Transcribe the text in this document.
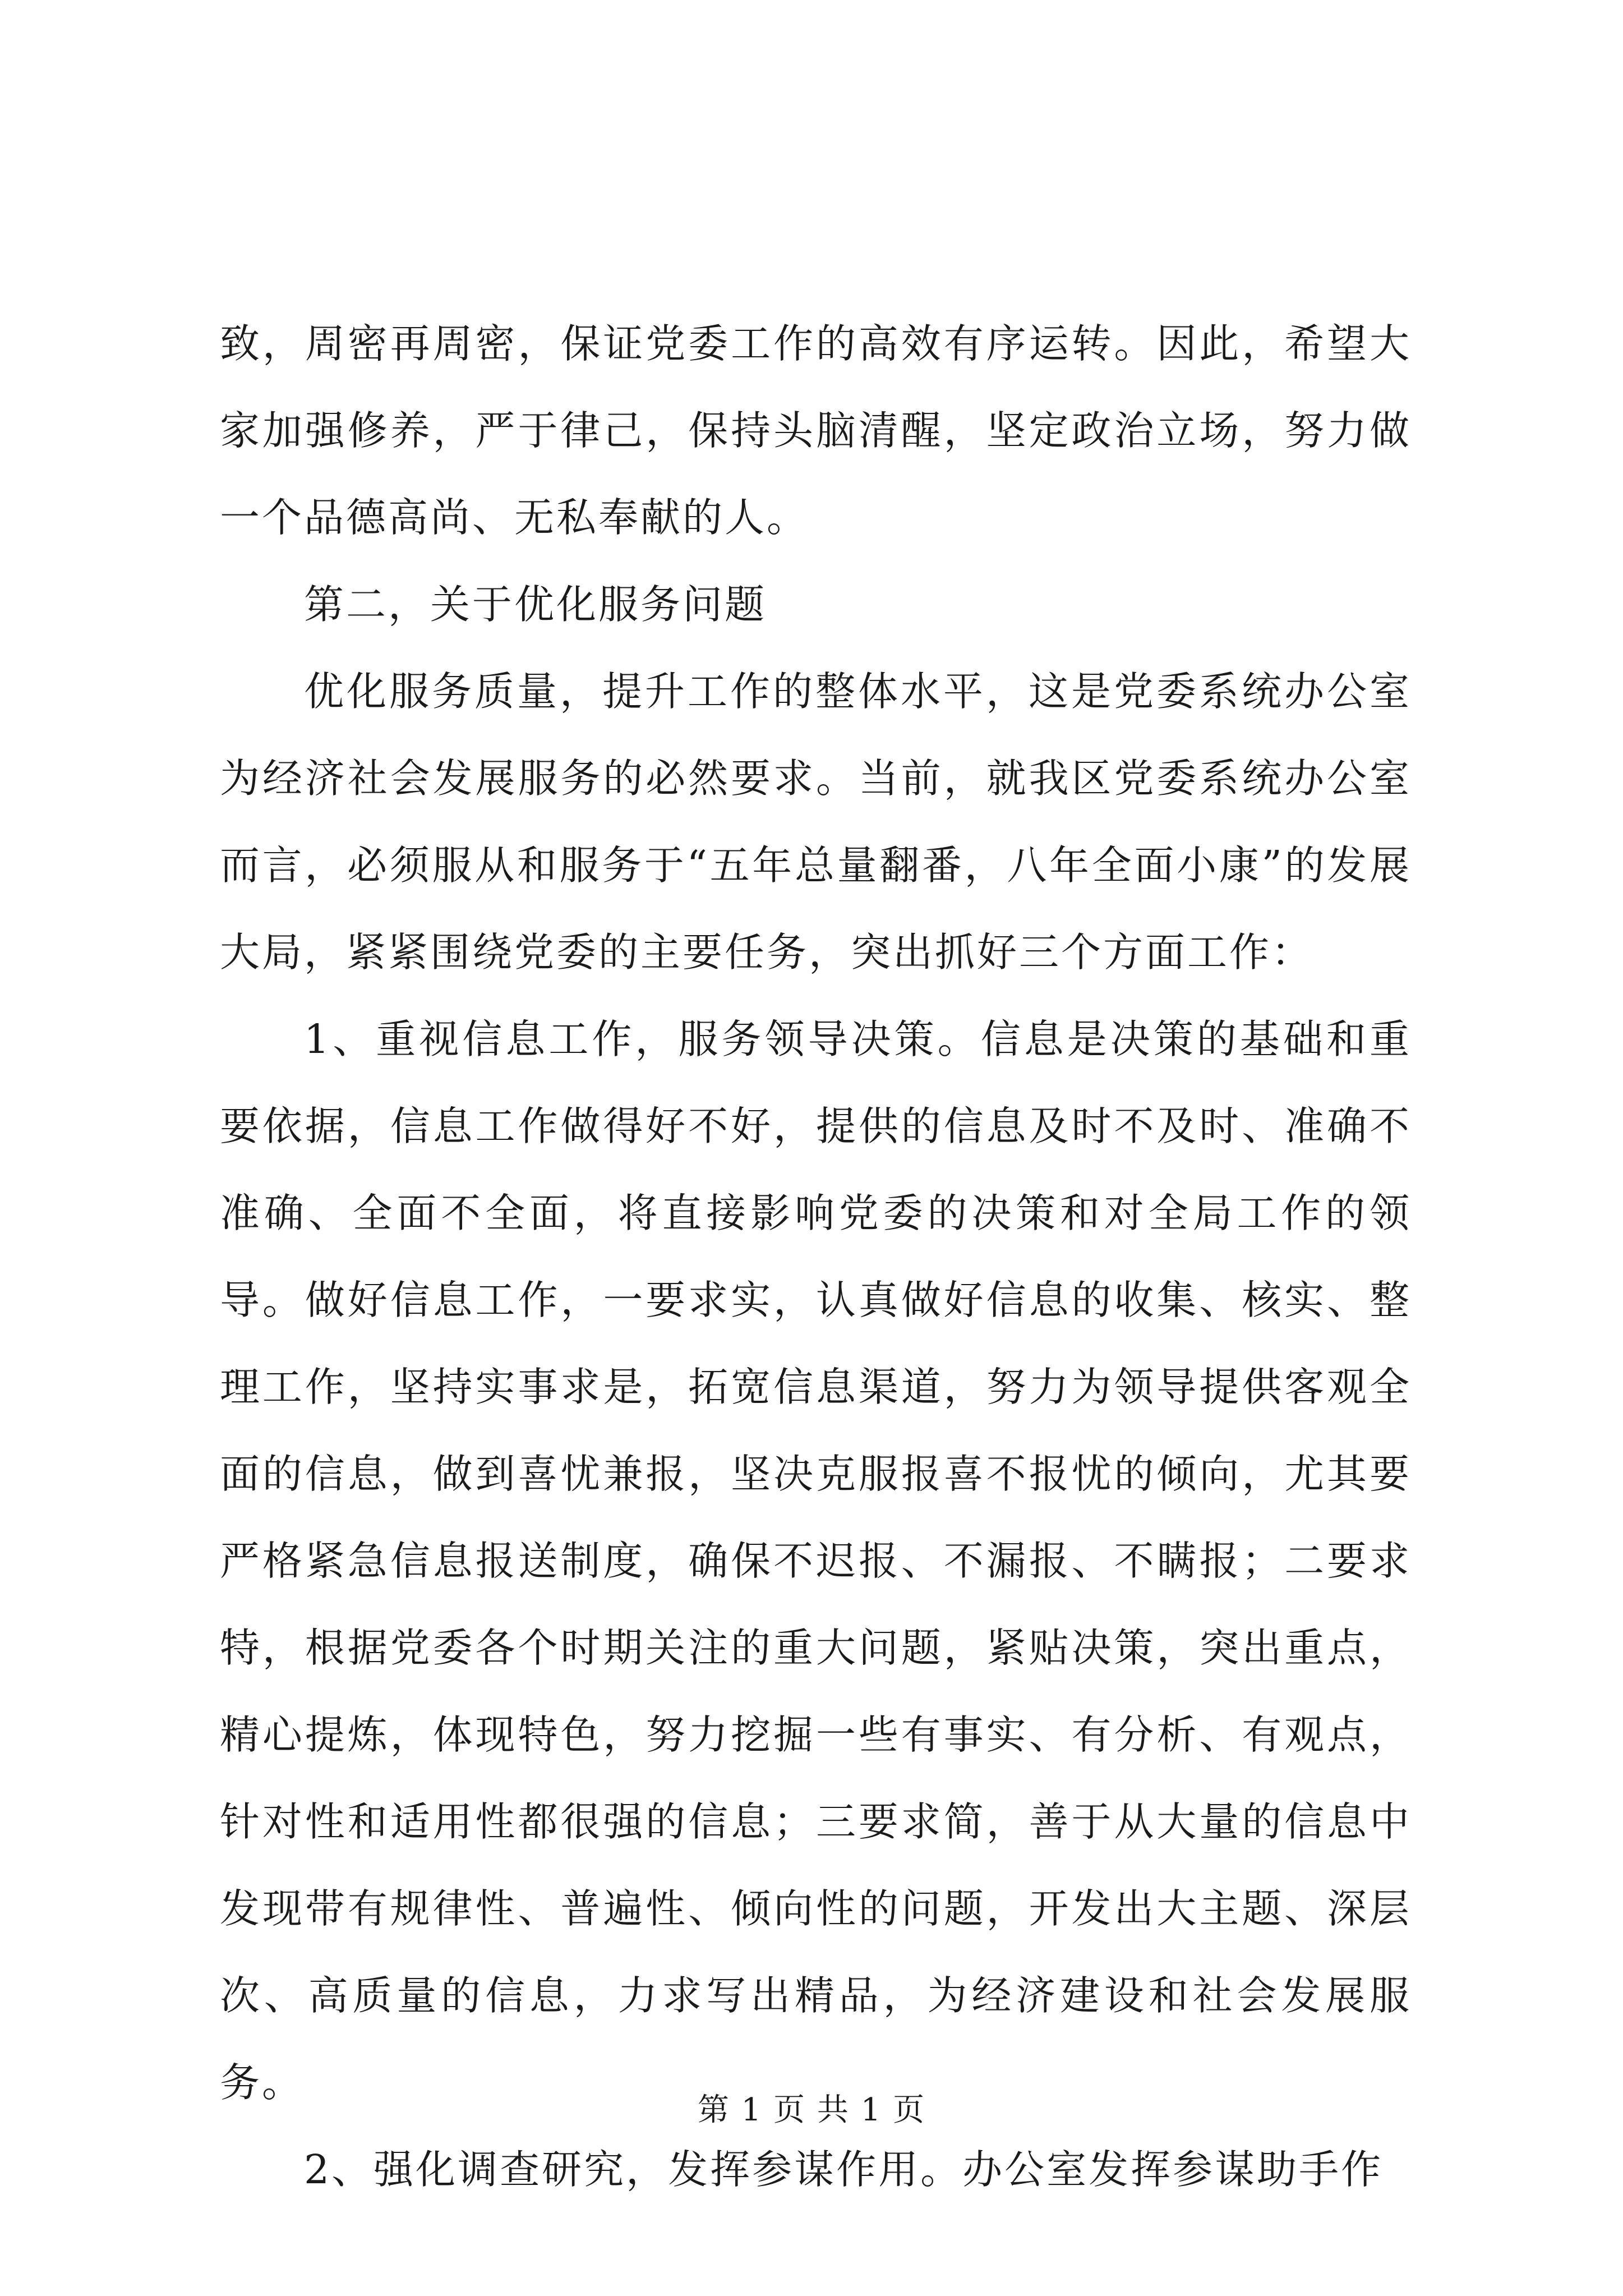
致，周密再周密，保证党委工作的高效有序运转。因此，希望大家加强修养，严于律己，保持头脑清醒，坚定政治立场，努力做一个品德高尚、无私奉献的人。

第二，关于优化服务问题

优化服务质量，提升工作的整体水平，这是党委系统办公室为经济社会发展服务的必然要求。当前，就我区党委系统办公室而言，必须服从和服务于“五年总量翻番，八年全面小康”的发展大局，紧紧围绕党委的主要任务，突出抓好三个方面工作：

1、重视信息工作，服务领导决策。信息是决策的基础和重要依据，信息工作做得好不好，提供的信息及时不及时、准确不准确、全面不全面，将直接影响党委的决策和对全局工作的领导。做好信息工作，一要求实，认真做好信息的收集、核实、整理工作，坚持实事求是，拓宽信息渠道，努力为领导提供客观全面的信息，做到喜忧兼报，坚决克服报喜不报忧的倾向，尤其要严格紧急信息报送制度，确保不迟报、不漏报、不瞒报；二要求特，根据党委各个时期关注的重大问题，紧贴决策，突出重点，精心提炼，体现特色，努力挖掘一些有事实、有分析、有观点，针对性和适用性都很强的信息；三要求简，善于从大量的信息中发现带有规律性、普遍性、倾向性的问题，开发出大主题、深层次、高质量的信息，力求写出精品，为经济建设和社会发展服务。

2、强化调查研究，发挥参谋作用。办公室发挥参谋助手作

第 1 页 共 1 页
